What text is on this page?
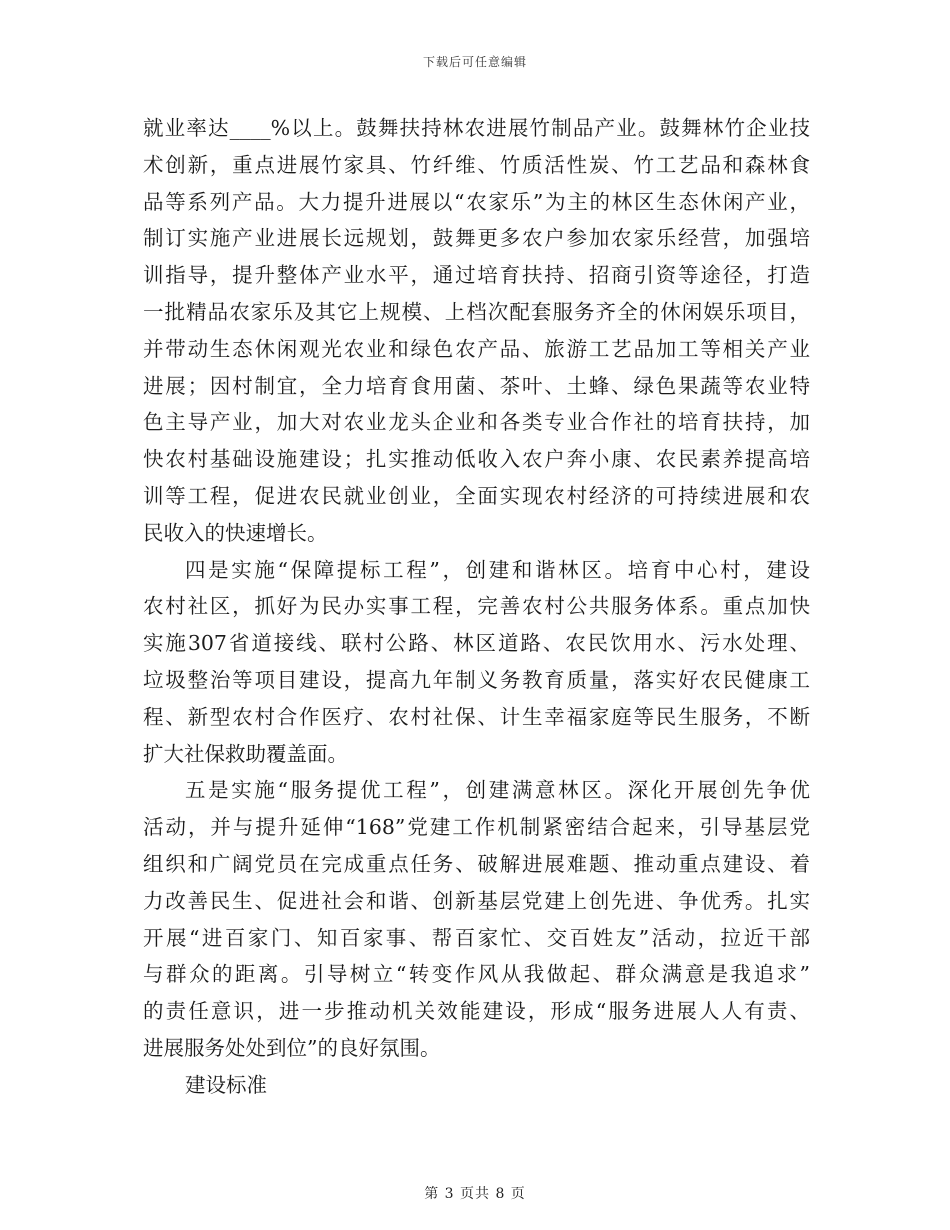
下载后可任意编辑
就业率达____%以上。鼓舞扶持林农进展竹制品产业。鼓舞林竹企业技
术创新，重点进展竹家具、竹纤维、竹质活性炭、竹工艺品和森林食
品等系列产品。大力提升进展以“农家乐”为主的林区生态休闲产业，
制订实施产业进展长远规划，鼓舞更多农户参加农家乐经营，加强培
训指导，提升整体产业水平，通过培育扶持、招商引资等途径，打造
一批精品农家乐及其它上规模、上档次配套服务齐全的休闲娱乐项目，
并带动生态休闲观光农业和绿色农产品、旅游工艺品加工等相关产业
进展；因村制宜，全力培育食用菌、茶叶、土蜂、绿色果蔬等农业特
色主导产业，加大对农业龙头企业和各类专业合作社的培育扶持，加
快农村基础设施建设；扎实推动低收入农户奔小康、农民素养提高培
训等工程，促进农民就业创业，全面实现农村经济的可持续进展和农
民收入的快速增长。
四是实施“保障提标工程”，创建和谐林区。培育中心村，建设
农村社区，抓好为民办实事工程，完善农村公共服务体系。重点加快
实施307省道接线、联村公路、林区道路、农民饮用水、污水处理、
垃圾整治等项目建设，提高九年制义务教育质量，落实好农民健康工
程、新型农村合作医疗、农村社保、计生幸福家庭等民生服务，不断
扩大社保救助覆盖面。
五是实施“服务提优工程”，创建满意林区。深化开展创先争优
活动，并与提升延伸“168”党建工作机制紧密结合起来，引导基层党
组织和广阔党员在完成重点任务、破解进展难题、推动重点建设、着
力改善民生、促进社会和谐、创新基层党建上创先进、争优秀。扎实
开展“进百家门、知百家事、帮百家忙、交百姓友”活动，拉近干部
与群众的距离。引导树立“转变作风从我做起、群众满意是我追求”
的责任意识，进一步推动机关效能建设，形成“服务进展人人有责、
进展服务处处到位”的良好氛围。
建设标准
第 3 页共 8 页
